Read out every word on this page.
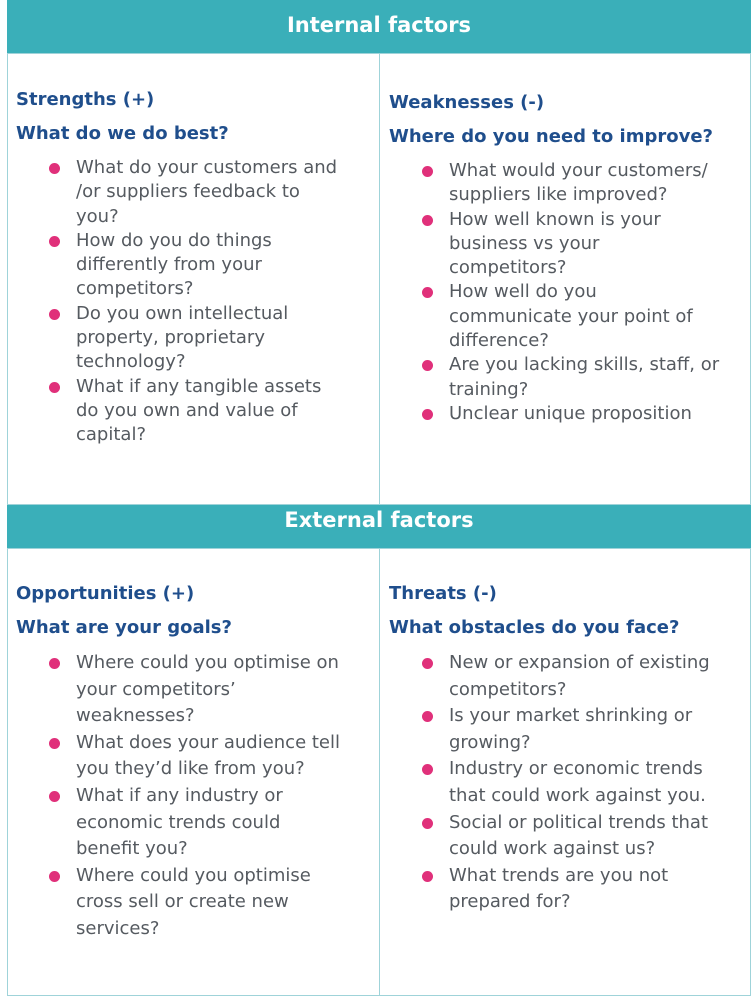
Internal factors
External factors
Strengths (+)
What do we do best?
What do your customers and
/or suppliers feedback to
you?
How do you do things
differently from your
competitors?
Do you own intellectual
property, proprietary
technology?
What if any tangible assets
do you own and value of
capital?
Weaknesses (-)
Where do you need to improve?
What would your customers/
suppliers like improved?
How well known is your
business vs your
competitors?
How well do you
communicate your point of
difference?
Are you lacking skills, staff, or
training?
Unclear unique proposition
Opportunities (+)
What are your goals?
Where could you optimise on
your competitors’
weaknesses?
What does your audience tell
you they’d like from you?
What if any industry or
economic trends could
benefit you?
Where could you optimise
cross sell or create new
services?
Threats (-)
What obstacles do you face?
New or expansion of existing
competitors?
Is your market shrinking or
growing?
Industry or economic trends
that could work against you.
Social or political trends that
could work against us?
What trends are you not
prepared for?
